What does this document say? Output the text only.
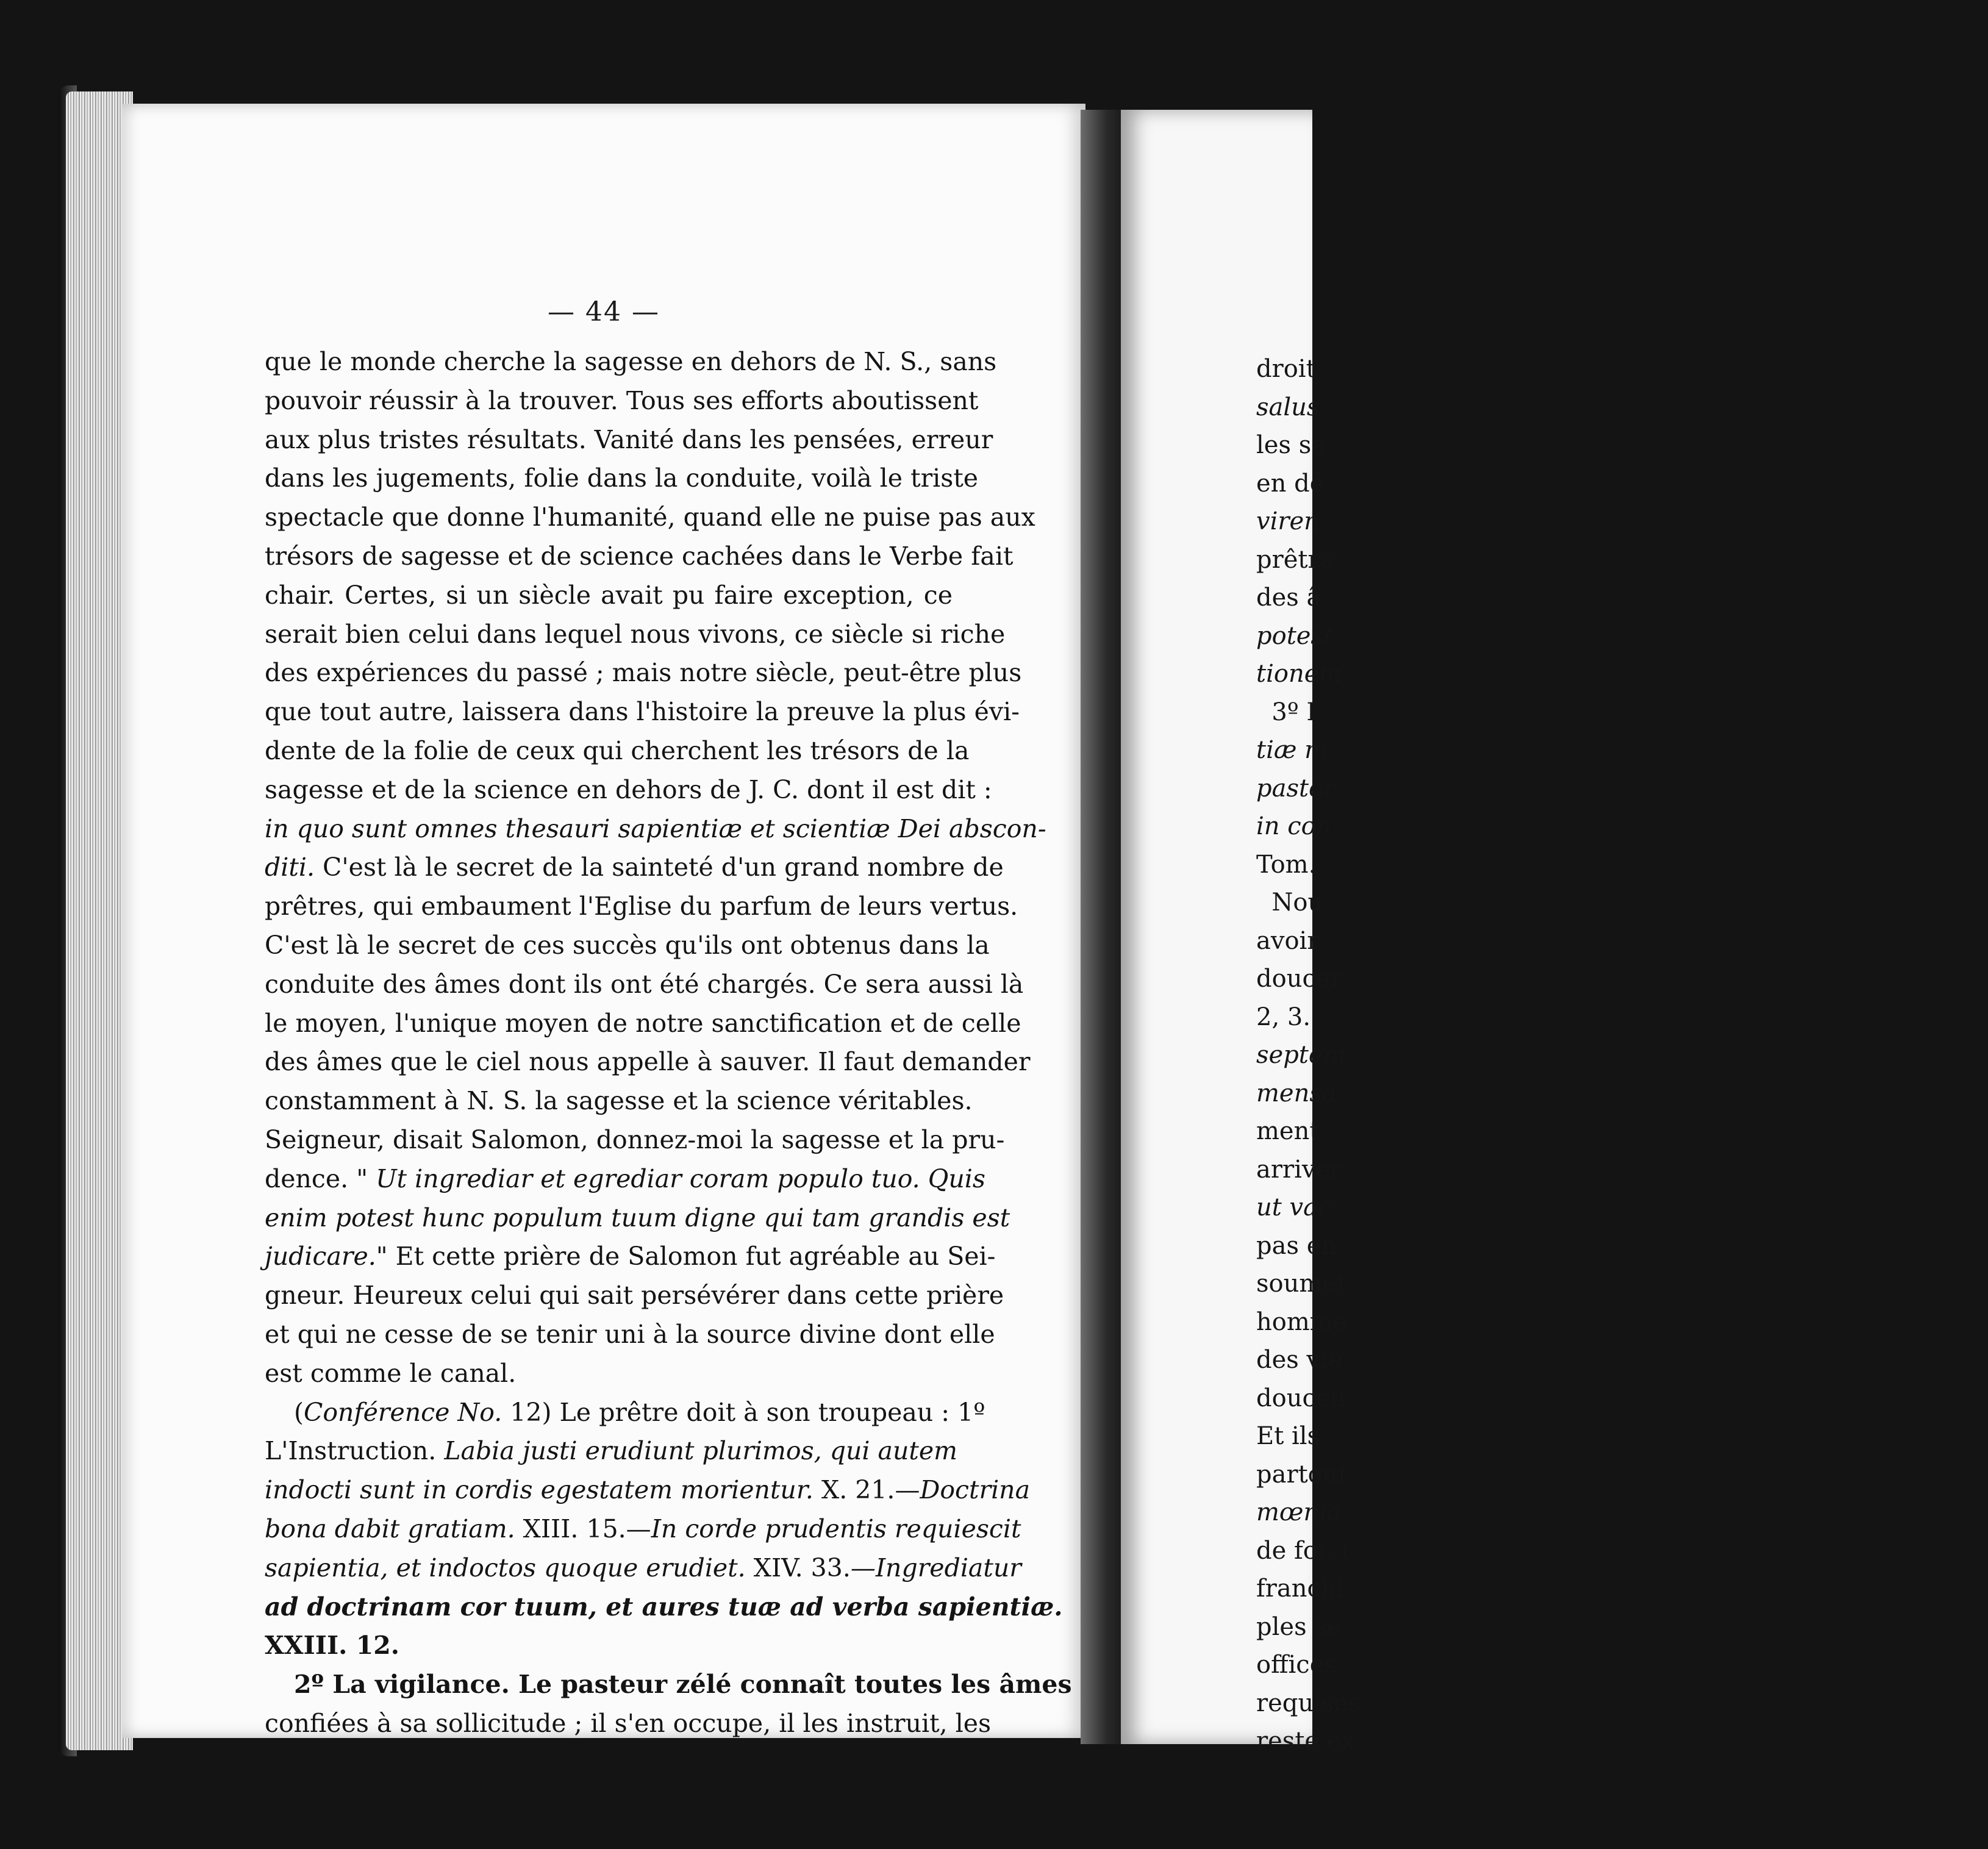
droit
salus
les sa
en dé
viren
prêtre
des â
potest
tionem
3º I
tiæ m
pastor
in con
Tom.
Nou
avoir
doucer
2, 3.
septem
mensa
ment
arriver
ut vac
pas en
soumet
homme
des vie
douceu
Et ils
partout
mœnia
de foi, t
franchi
ples se
offices
requises
reste ex
— 44 —
que le monde cherche la sagesse en dehors de N. S., sans
pouvoir réussir à la trouver. Tous ses efforts aboutissent
aux plus tristes résultats. Vanité dans les pensées, erreur
dans les jugements, folie dans la conduite, voilà le triste
spectacle que donne l'humanité, quand elle ne puise pas aux
trésors de sagesse et de science cachées dans le Verbe fait
chair. Certes, si un siècle avait pu faire exception, ce
serait bien celui dans lequel nous vivons, ce siècle si riche
des expériences du passé ; mais notre siècle, peut-être plus
que tout autre, laissera dans l'histoire la preuve la plus évi-
dente de la folie de ceux qui cherchent les trésors de la
sagesse et de la science en dehors de J. C. dont il est dit :
in quo sunt omnes thesauri sapientiæ et scientiæ Dei abscon-
diti. C'est là le secret de la sainteté d'un grand nombre de
prêtres, qui embaument l'Eglise du parfum de leurs vertus.
C'est là le secret de ces succès qu'ils ont obtenus dans la
conduite des âmes dont ils ont été chargés. Ce sera aussi là
le moyen, l'unique moyen de notre sanctification et de celle
des âmes que le ciel nous appelle à sauver. Il faut demander
constamment à N. S. la sagesse et la science véritables.
Seigneur, disait Salomon, donnez-moi la sagesse et la pru-
dence. " Ut ingrediar et egrediar coram populo tuo. Quis
enim potest hunc populum tuum digne qui tam grandis est
judicare." Et cette prière de Salomon fut agréable au Sei-
gneur. Heureux celui qui sait persévérer dans cette prière
et qui ne cesse de se tenir uni à la source divine dont elle
est comme le canal.
(Conférence No. 12) Le prêtre doit à son troupeau : 1º
L'Instruction. Labia justi erudiunt plurimos, qui autem
indocti sunt in cordis egestatem morientur. X. 21.—Doctrina
bona dabit gratiam. XIII. 15.—In corde prudentis requiescit
sapientia, et indoctos quoque erudiet. XIV. 33.—Ingrediatur
ad doctrinam cor tuum, et aures tuæ ad verba sapientiæ.
XXIII. 12.
2º La vigilance. Le pasteur zélé connaît toutes les âmes
confiées à sa sollicitude ; il s'en occupe, il les instruit, les
avertit, les dirige, les retire du danger et leur montre le
